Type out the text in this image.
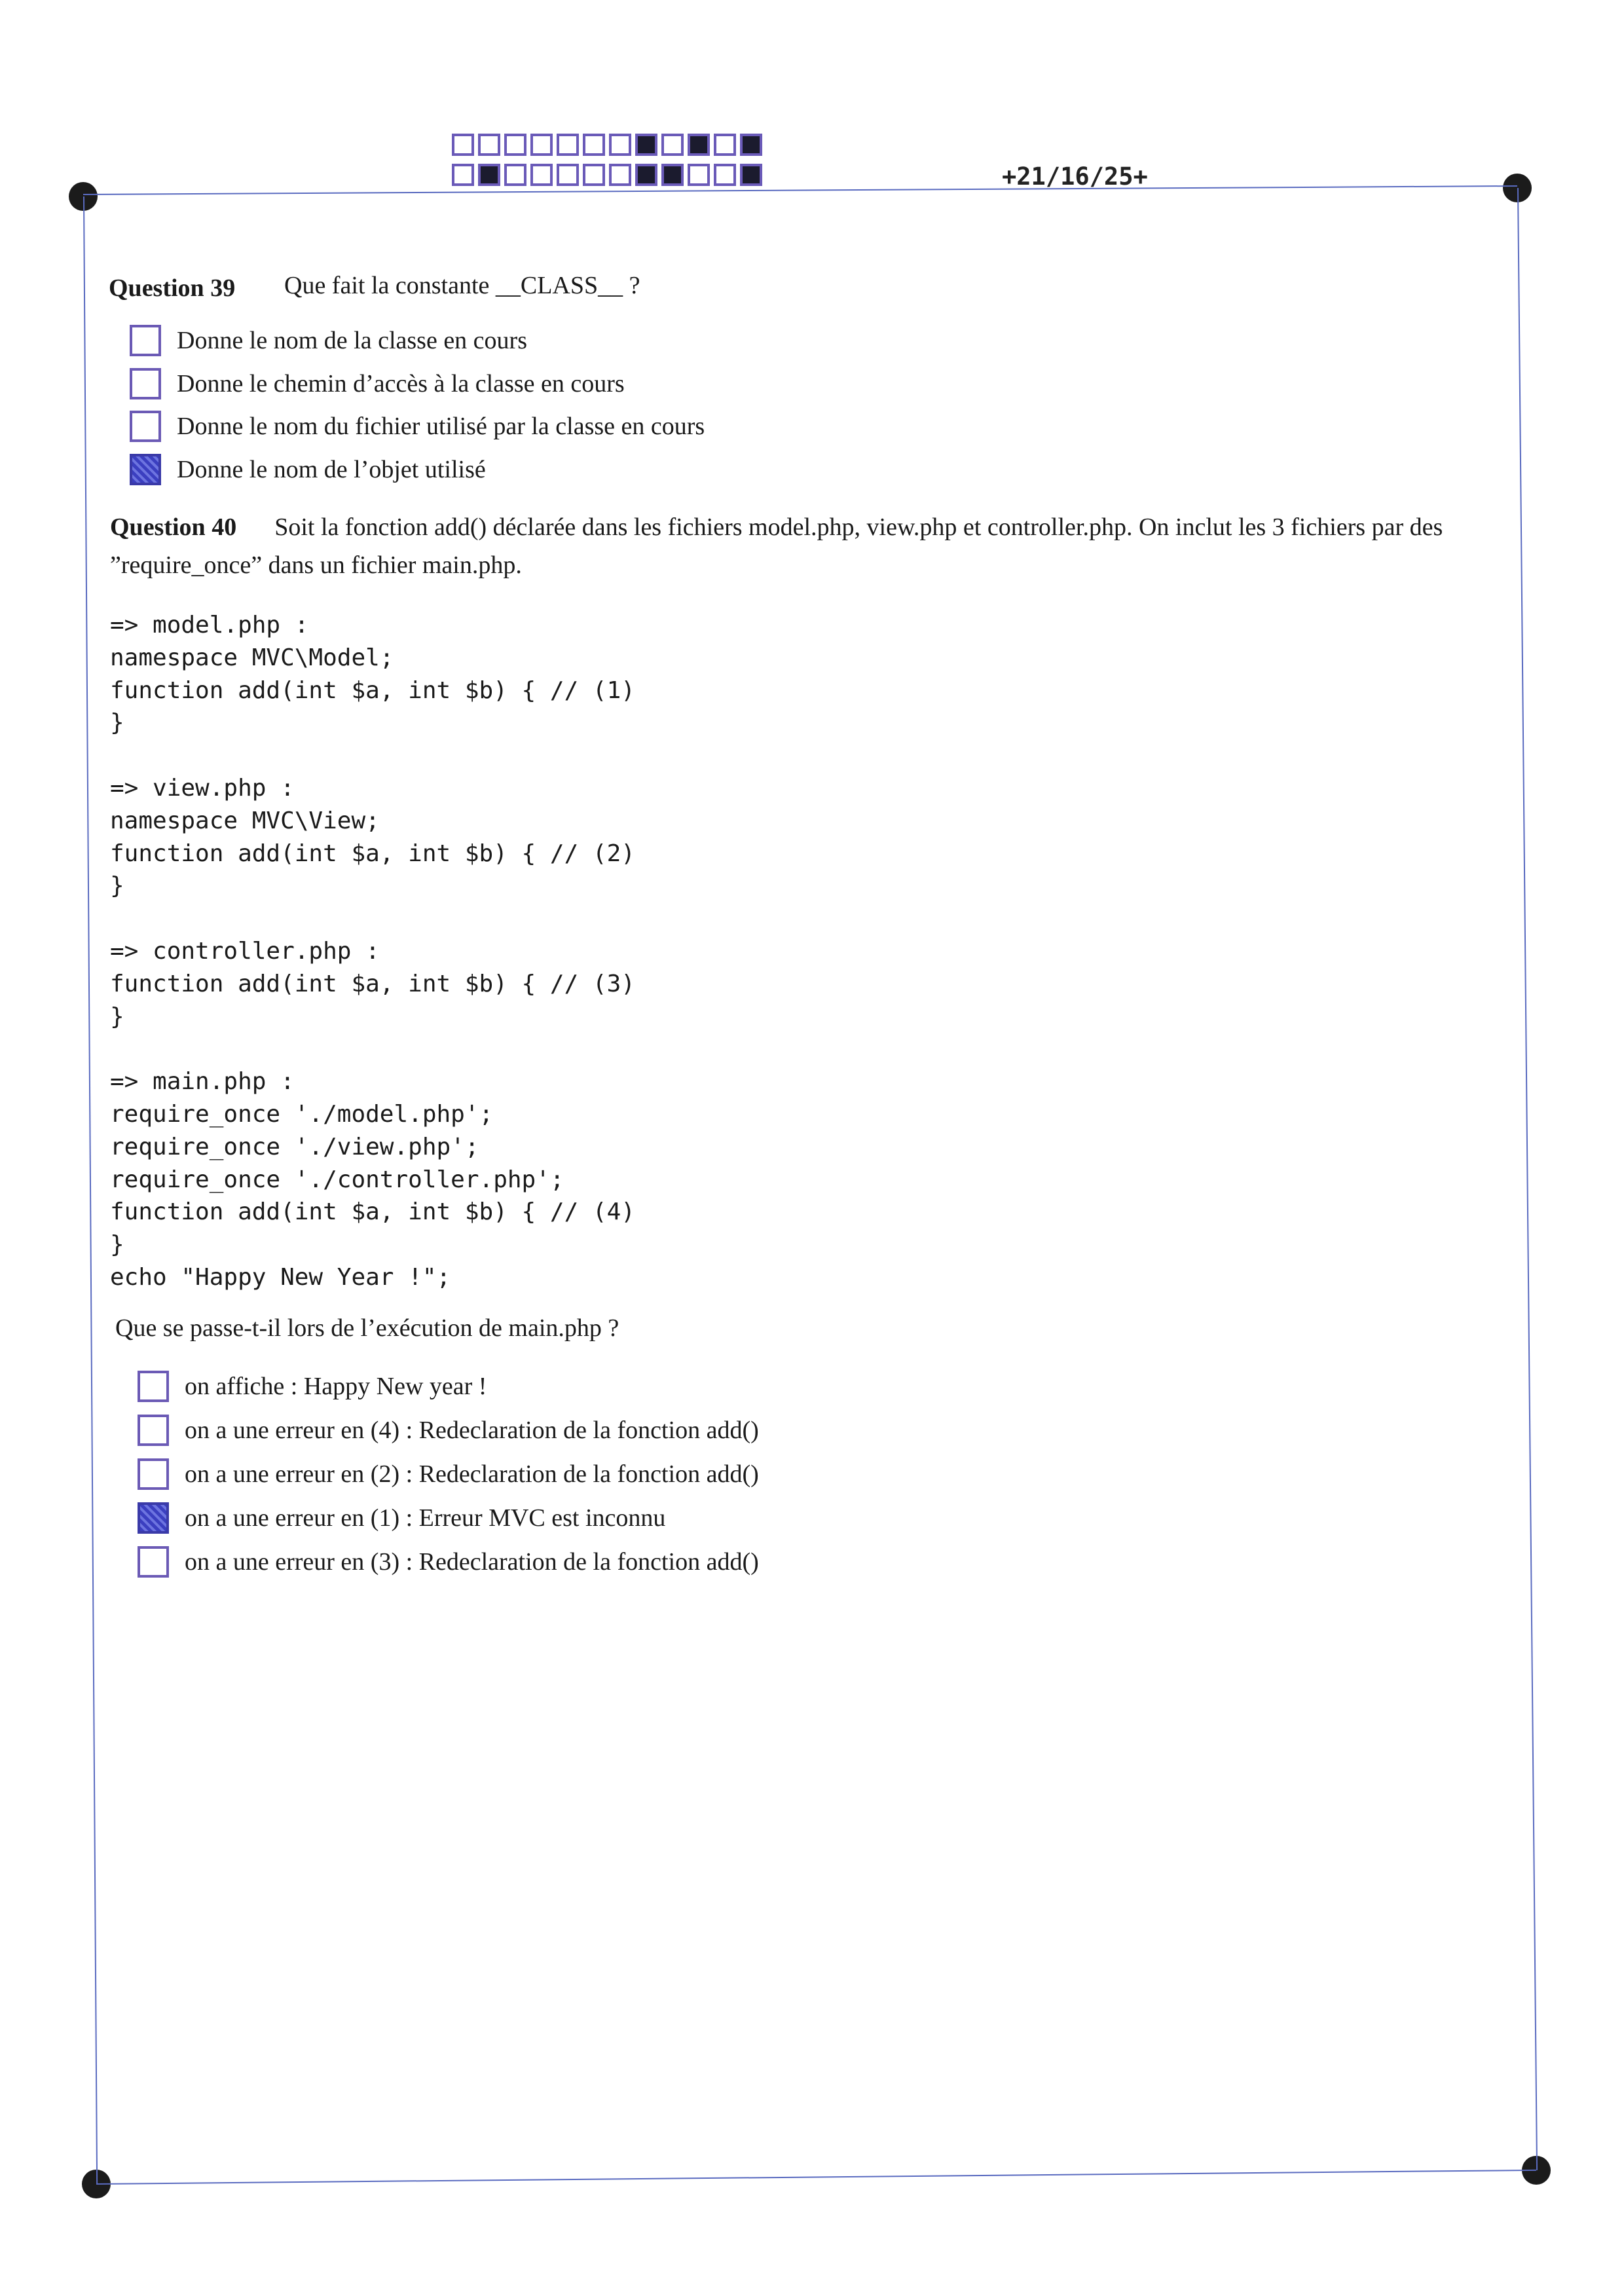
+21/16/25+
Question 39 Que fait la constante __CLASS__ ?
Donne le nom de la classe en cours
Donne le chemin d’accès à la classe en cours
Donne le nom du fichier utilisé par la classe en cours
Donne le nom de l’objet utilisé
Question 40 Soit la fonction add() déclarée dans les fichiers model.php, view.php et controller.php. On inclut les 3 fichiers par des ”require_once” dans un fichier main.php.
=> model.php :
namespace MVC\Model;
function add(int $a, int $b) { // (1)
}
=> view.php :
namespace MVC\View;
function add(int $a, int $b) { // (2)
}
=> controller.php :
function add(int $a, int $b) { // (3)
}
=> main.php :
require_once './model.php';
require_once './view.php';
require_once './controller.php';
function add(int $a, int $b) { // (4)
}
echo "Happy New Year !";
Que se passe-t-il lors de l’exécution de main.php ?
on affiche : Happy New year !
on a une erreur en (4) : Redeclaration de la fonction add()
on a une erreur en (2) : Redeclaration de la fonction add()
on a une erreur en (1) : Erreur MVC est inconnu
on a une erreur en (3) : Redeclaration de la fonction add()
